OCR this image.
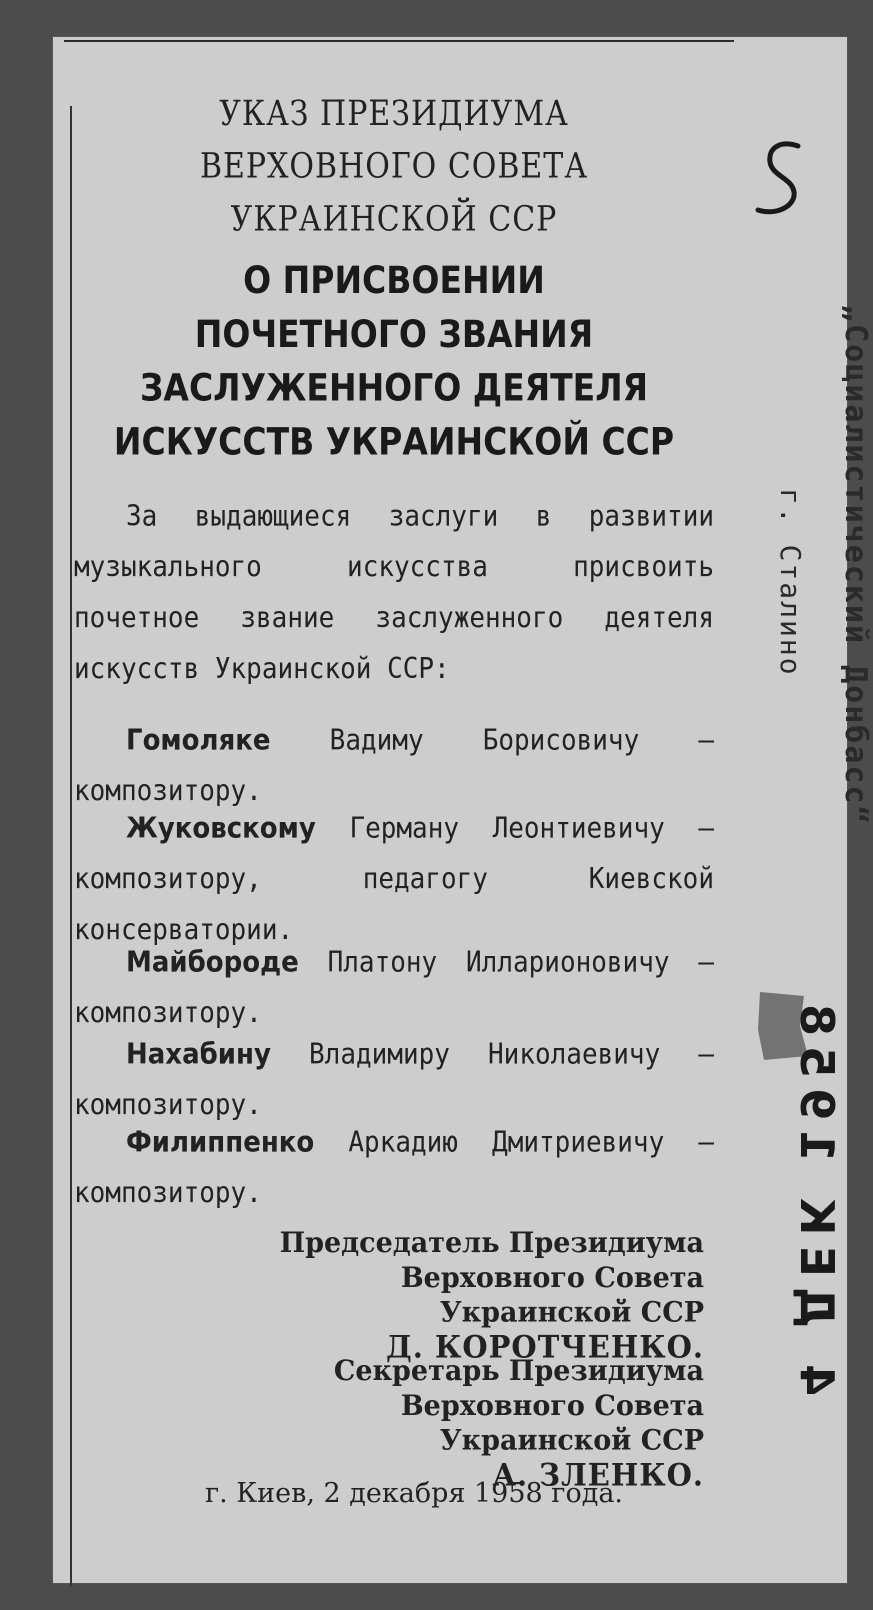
УКАЗ ПРЕЗИДИУМА
ВЕРХОВНОГО СОВЕТА
УКРАИНСКОЙ ССР
О ПРИСВОЕНИИ
ПОЧЕТНОГО ЗВАНИЯ
ЗАСЛУЖЕННОГО ДЕЯТЕЛЯ
ИСКУССТВ УКРАИНСКОЙ ССР
За выдающиеся заслуги в развитии музыкального искусства присвоить почетное звание заслуженного деятеля искусств Украинской ССР:
Гомоляке Вадиму Борисовичу — композитору.
Жуковскому Герману Леонтиевичу — композитору, педагогу Киевской консерватории.
Майбороде Платону Илларионовичу — композитору.
Нахабину Владимиру Николаевичу — композитору.
Филиппенко Аркадию Дмитриевичу — композитору.
Председатель Президиума
Верховного Совета
Украинской ССР
Д. КОРОТЧЕНКО.
Секретарь Президиума
Верховного Совета
Украинской ССР
А. ЗЛЕНКО.
г. Киев, 2 декабря 1958 года.
„Социалистический Донбасс“
г. Сталино
4 ДЕК 1958
